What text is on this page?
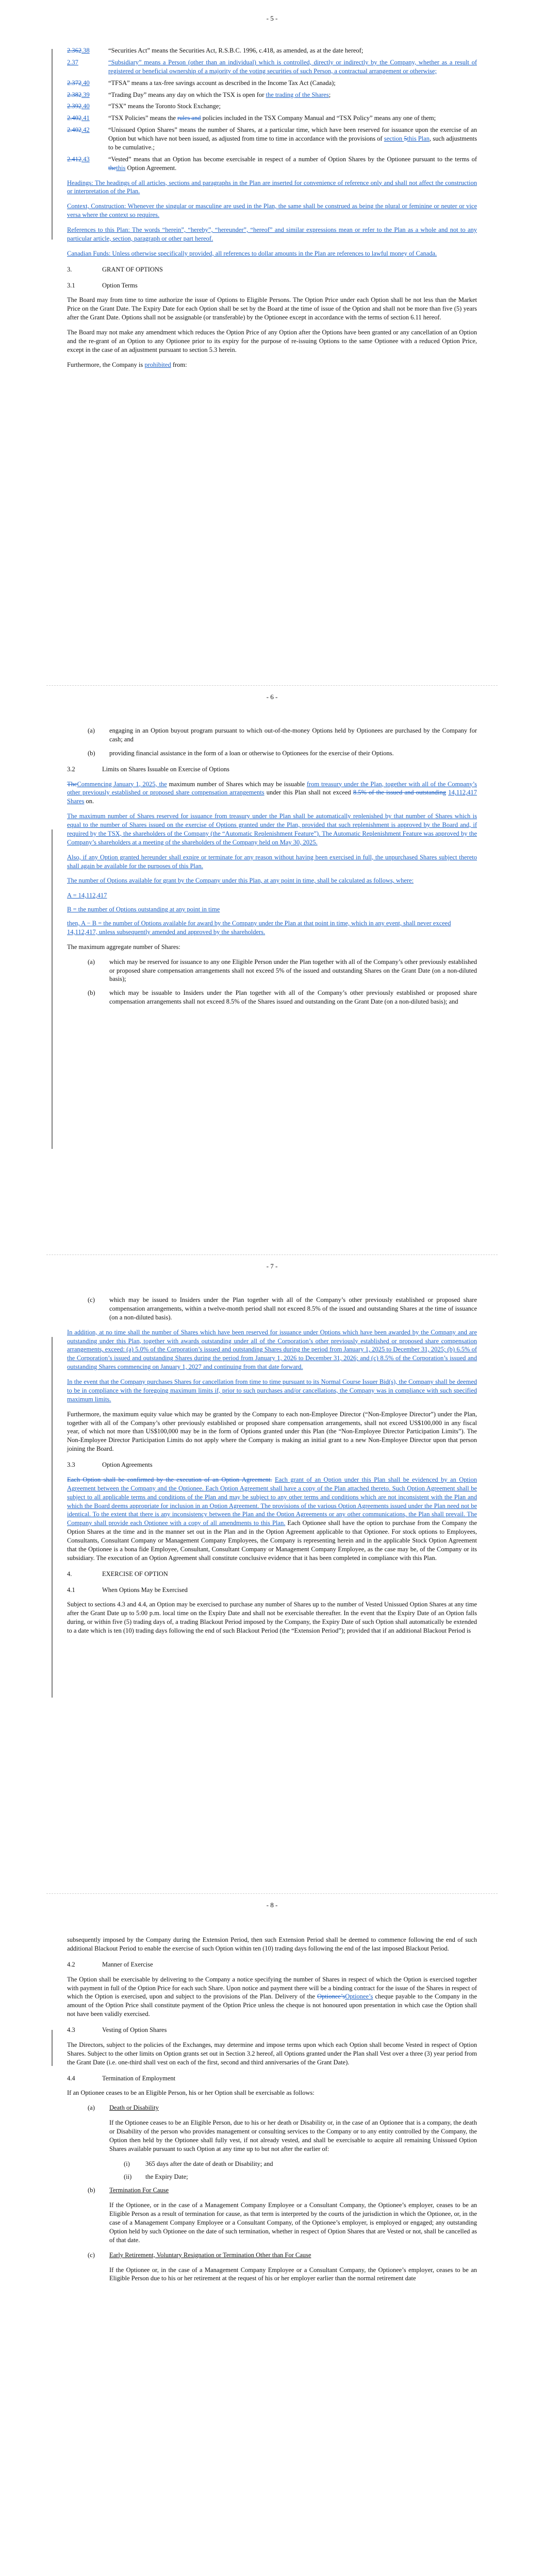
- 5 -
2.362.38	“Securities Act” means the Securities Act, R.S.B.C. 1996, c.418, as amended, as at the date hereof;
2.37	“Subsidiary” means a Person (other than an individual) which is controlled, directly or indirectly by the Company, whether as a result of registered or beneficial ownership of a majority of the voting securities of such Person, a contractual arrangement or otherwise;
2.372.40	“TFSA” means a tax-free savings account as described in the Income Tax Act (Canada);
2.382.39	“Trading Day” means any day on which the TSX is open for the trading of the Shares;
2.392.40	“TSX” means the Toronto Stock Exchange;
2.402.41	“TSX Policies” means the rules and policies included in the TSX Company Manual and “TSX Policy” means any one of them;
2.402.42	“Unissued Option Shares” means the number of Shares, at a particular time, which have been reserved for issuance upon the exercise of an Option but which have not been issued, as adjusted from time to time in accordance with the provisions of section 5this Plan, such adjustments to be cumulative.;
2.412.43	“Vested” means that an Option has become exercisable in respect of a number of Option Shares by the Optionee pursuant to the terms of thethis Option Agreement.
Headings: The headings of all articles, sections and paragraphs in the Plan are inserted for convenience of reference only and shall not affect the construction or interpretation of the Plan.
Context, Construction: Whenever the singular or masculine are used in the Plan, the same shall be construed as being the plural or feminine or neuter or vice versa where the context so requires.
References to this Plan: The words “herein”, “hereby”, “hereunder”, “hereof” and similar expressions mean or refer to the Plan as a whole and not to any particular article, section, paragraph or other part hereof.
Canadian Funds: Unless otherwise specifically provided, all references to dollar amounts in the Plan are references to lawful money of Canada.
3.	GRANT OF OPTIONS
3.1	Option Terms
The Board may from time to time authorize the issue of Options to Eligible Persons. The Option Price under each Option shall be not less than the Market Price on the Grant Date. The Expiry Date for each Option shall be set by the Board at the time of issue of the Option and shall not be more than five (5) years after the Grant Date. Options shall not be assignable (or transferable) by the Optionee except in accordance with the terms of section 6.11 hereof.
The Board may not make any amendment which reduces the Option Price of any Option after the Options have been granted or any cancellation of an Option and the re-grant of an Option to any Optionee prior to its expiry for the purpose of re-issuing Options to the same Optionee with a reduced Option Price, except in the case of an adjustment pursuant to section 5.3 herein.
Furthermore, the Company is prohibited from:
- 6 -
(a)	engaging in an Option buyout program pursuant to which out-of-the-money Options held by Optionees are purchased by the Company for cash; and
(b)	providing financial assistance in the form of a loan or otherwise to Optionees for the exercise of their Options.
3.2	Limits on Shares Issuable on Exercise of Options
TheCommencing January 1, 2025, the maximum number of Shares which may be issuable from treasury under the Plan, together with all of the Company’s other previously established or proposed share compensation arrangements under this Plan shall not exceed 8.5% of the issued and outstanding 14,112,417 Shares on.
The maximum number of Shares reserved for issuance from treasury under the Plan shall be automatically replenished by that number of Shares which is equal to the number of Shares issued on the exercise of Options granted under the Plan, provided that such replenishment is approved by the Board and, if required by the TSX, the shareholders of the Company (the “Automatic Replenishment Feature”). The Automatic Replenishment Feature was approved by the Company’s shareholders at a meeting of the shareholders of the Company held on May 30, 2025.
Also, if any Option granted hereunder shall expire or terminate for any reason without having been exercised in full, the unpurchased Shares subject thereto shall again be available for the purposes of this Plan.
The number of Options available for grant by the Company under this Plan, at any point in time, shall be calculated as follows, where:
A = 14,112,417
B = the number of Options outstanding at any point in time
then, A − B = the number of Options available for award by the Company under the Plan at that point in time, which in any event, shall never exceed 14,112,417, unless subsequently amended and approved by the shareholders.
The maximum aggregate number of Shares:
(a)	which may be reserved for issuance to any one Eligible Person under the Plan together with all of the Company’s other previously established or proposed share compensation arrangements shall not exceed 5% of the issued and outstanding Shares on the Grant Date (on a non-diluted basis);
(b)	which may be issuable to Insiders under the Plan together with all of the Company’s other previously established or proposed share compensation arrangements shall not exceed 8.5% of the Shares issued and outstanding on the Grant Date (on a non-diluted basis); and
- 7 -
(c)	which may be issued to Insiders under the Plan together with all of the Company’s other previously established or proposed share compensation arrangements, within a twelve-month period shall not exceed 8.5% of the issued and outstanding Shares at the time of issuance (on a non-diluted basis).
In addition, at no time shall the number of Shares which have been reserved for issuance under Options which have been awarded by the Company and are outstanding under this Plan, together with awards outstanding under all of the Corporation’s other previously established or proposed share compensation arrangements, exceed: (a) 5.0% of the Corporation’s issued and outstanding Shares during the period from January 1, 2025 to December 31, 2025; (b) 6.5% of the Corporation’s issued and outstanding Shares during the period from January 1, 2026 to December 31, 2026; and (c) 8.5% of the Corporation’s issued and outstanding Shares commencing on January 1, 2027 and continuing from that date forward.
In the event that the Company purchases Shares for cancellation from time to time pursuant to its Normal Course Issuer Bid(s), the Company shall be deemed to be in compliance with the foregoing maximum limits if, prior to such purchases and/or cancellations, the Company was in compliance with such specified maximum limits.
Furthermore, the maximum equity value which may be granted by the Company to each non-Employee Director (“Non-Employee Director”) under the Plan, together with all of the Company’s other previously established or proposed share compensation arrangements, shall not exceed US$100,000 in any fiscal year, of which not more than US$100,000 may be in the form of Options granted under this Plan (the “Non-Employee Director Participation Limits”). The Non-Employee Director Participation Limits do not apply where the Company is making an initial grant to a new Non-Employee Director upon that person joining the Board.
3.3	Option Agreements
Each Option shall be confirmed by the execution of an Option Agreement. Each grant of an Option under this Plan shall be evidenced by an Option Agreement between the Company and the Optionee. Each Option Agreement shall have a copy of the Plan attached thereto. Such Option Agreement shall be subject to all applicable terms and conditions of the Plan and may be subject to any other terms and conditions which are not inconsistent with the Plan and which the Board deems appropriate for inclusion in an Option Agreement. The provisions of the various Option Agreements issued under the Plan need not be identical. To the extent that there is any inconsistency between the Plan and the Option Agreements or any other communications, the Plan shall prevail. The Company shall provide each Optionee with a copy of all amendments to this Plan. Each Optionee shall have the option to purchase from the Company the Option Shares at the time and in the manner set out in the Plan and in the Option Agreement applicable to that Optionee. For stock options to Employees, Consultants, Consultant Company or Management Company Employees, the Company is representing herein and in the applicable Stock Option Agreement that the Optionee is a bona fide Employee, Consultant, Consultant Company or Management Company Employee, as the case may be, of the Company or its subsidiary. The execution of an Option Agreement shall constitute conclusive evidence that it has been completed in compliance with this Plan.
4.	EXERCISE OF OPTION
4.1	When Options May be Exercised
Subject to sections 4.3 and 4.4, an Option may be exercised to purchase any number of Shares up to the number of Vested Unissued Option Shares at any time after the Grant Date up to 5:00 p.m. local time on the Expiry Date and shall not be exercisable thereafter. In the event that the Expiry Date of an Option falls during, or within five (5) trading days of, a trading Blackout Period imposed by the Company, the Expiry Date of such Option shall automatically be extended to a date which is ten (10) trading days following the end of such Blackout Period (the “Extension Period”); provided that if an additional Blackout Period is
- 8 -
subsequently imposed by the Company during the Extension Period, then such Extension Period shall be deemed to commence following the end of such additional Blackout Period to enable the exercise of such Option within ten (10) trading days following the end of the last imposed Blackout Period.
4.2	Manner of Exercise
The Option shall be exercisable by delivering to the Company a notice specifying the number of Shares in respect of which the Option is exercised together with payment in full of the Option Price for each such Share. Upon notice and payment there will be a binding contract for the issue of the Shares in respect of which the Option is exercised, upon and subject to the provisions of the Plan. Delivery of the Optionee’sOptionee’s cheque payable to the Company in the amount of the Option Price shall constitute payment of the Option Price unless the cheque is not honoured upon presentation in which case the Option shall not have been validly exercised.
4.3	Vesting of Option Shares
The Directors, subject to the policies of the Exchanges, may determine and impose terms upon which each Option shall become Vested in respect of Option Shares. Subject to the other limits on Option grants set out in Section 3.2 hereof, all Options granted under the Plan shall Vest over a three (3) year period from the Grant Date (i.e. one-third shall vest on each of the first, second and third anniversaries of the Grant Date).
4.4	Termination of Employment
If an Optionee ceases to be an Eligible Person, his or her Option shall be exercisable as follows:
(a)	Death or Disability
If the Optionee ceases to be an Eligible Person, due to his or her death or Disability or, in the case of an Optionee that is a company, the death or Disability of the person who provides management or consulting services to the Company or to any entity controlled by the Company, the Option then held by the Optionee shall fully vest, if not already vested, and shall be exercisable to acquire all remaining Unissued Option Shares available pursuant to such Option at any time up to but not after the earlier of:
(i)	365 days after the date of death or Disability; and
(ii)	the Expiry Date;
(b)	Termination For Cause
If the Optionee, or in the case of a Management Company Employee or a Consultant Company, the Optionee’s employer, ceases to be an Eligible Person as a result of termination for cause, as that term is interpreted by the courts of the jurisdiction in which the Optionee, or, in the case of a Management Company Employee or a Consultant Company, of the Optionee’s employer, is employed or engaged; any outstanding Option held by such Optionee on the date of such termination, whether in respect of Option Shares that are Vested or not, shall be cancelled as of that date.
(c)	Early Retirement, Voluntary Resignation or Termination Other than For Cause
If the Optionee or, in the case of a Management Company Employee or a Consultant Company, the Optionee’s employer, ceases to be an Eligible Person due to his or her retirement at the request of his or her employer earlier than the normal retirement date
